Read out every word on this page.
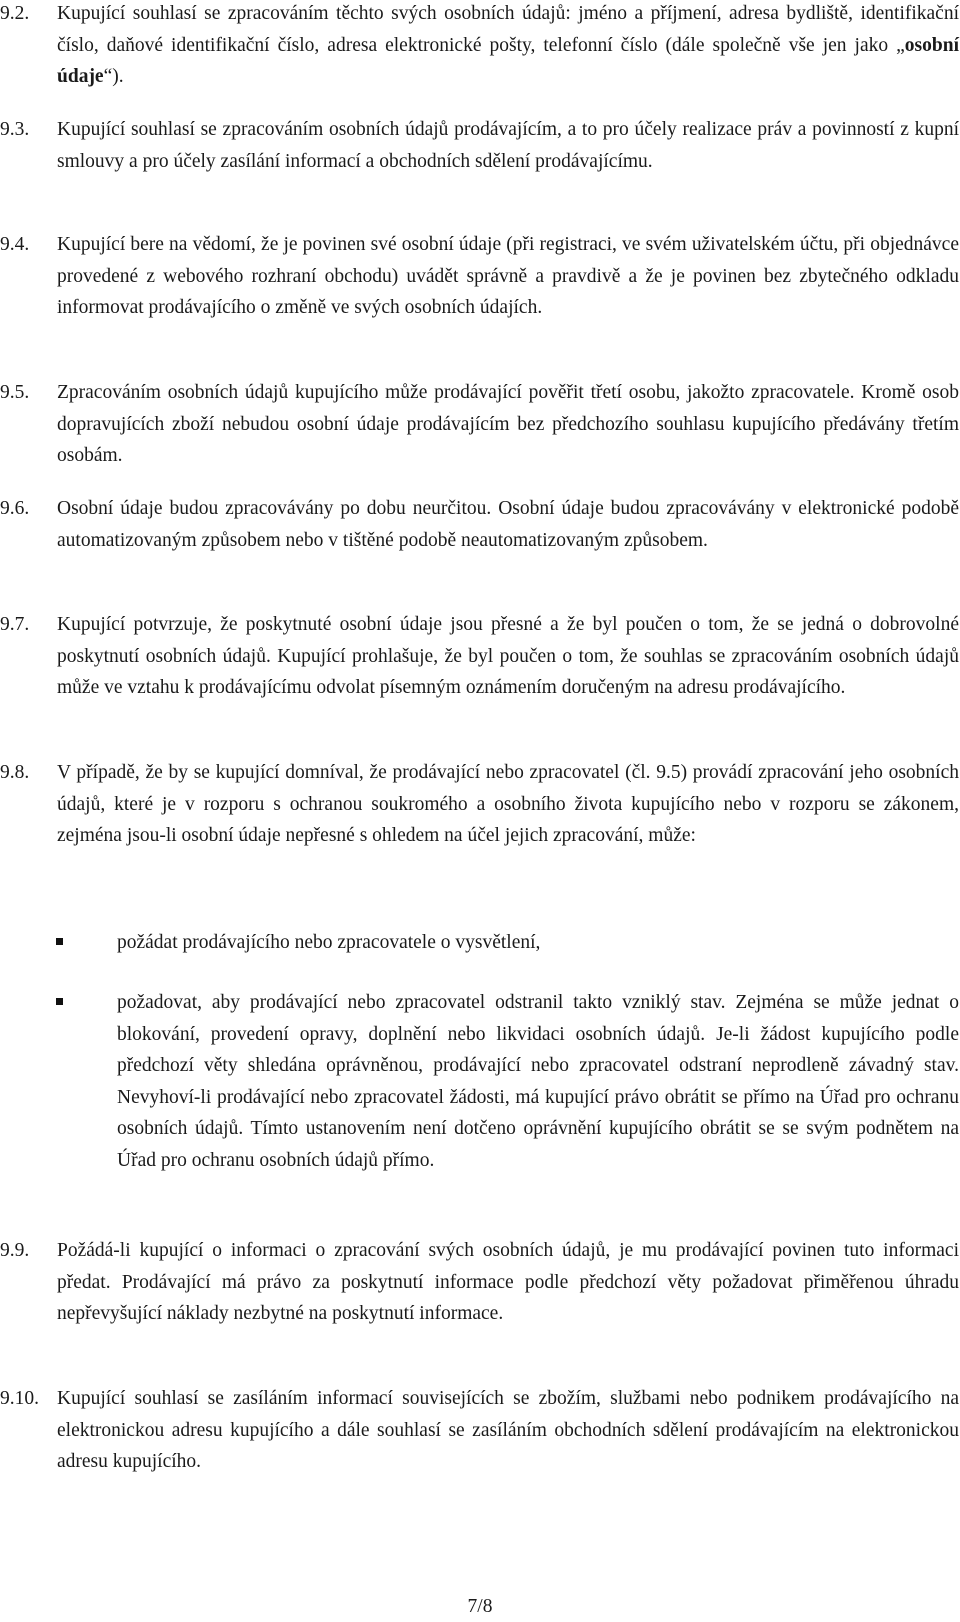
9.2.	Kupující souhlasí se zpracováním těchto svých osobních údajů: jméno a příjmení, adresa bydliště, identifikační číslo, daňové identifikační číslo, adresa elektronické pošty, telefonní číslo (dále společně vše jen jako „osobní údaje“).
9.3.	Kupující souhlasí se zpracováním osobních údajů prodávajícím, a to pro účely realizace práv a povinností z kupní smlouvy a pro účely zasílání informací a obchodních sdělení prodávajícímu.
9.4.	Kupující bere na vědomí, že je povinen své osobní údaje (při registraci, ve svém uživatelském účtu, při objednávce provedené z webového rozhraní obchodu) uvádět správně a pravdivě a že je povinen bez zbytečného odkladu informovat prodávajícího o změně ve svých osobních údajích.
9.5.	Zpracováním osobních údajů kupujícího může prodávající pověřit třetí osobu, jakožto zpracovatele. Kromě osob dopravujících zboží nebudou osobní údaje prodávajícím bez předchozího souhlasu kupujícího předávány třetím osobám.
9.6.	Osobní údaje budou zpracovávány po dobu neurčitou. Osobní údaje budou zpracovávány v elektronické podobě automatizovaným způsobem nebo v tištěné podobě neautomatizovaným způsobem.
9.7.	Kupující potvrzuje, že poskytnuté osobní údaje jsou přesné a že byl poučen o tom, že se jedná o dobrovolné poskytnutí osobních údajů. Kupující prohlašuje, že byl poučen o tom, že souhlas se zpracováním osobních údajů může ve vztahu k prodávajícímu odvolat písemným oznámením doručeným na adresu prodávajícího.
9.8.	V případě, že by se kupující domníval, že prodávající nebo zpracovatel (čl. 9.5) provádí zpracování jeho osobních údajů, které je v rozporu s ochranou soukromého a osobního života kupujícího nebo v rozporu se zákonem, zejména jsou-li osobní údaje nepřesné s ohledem na účel jejich zpracování, může:
požádat prodávajícího nebo zpracovatele o vysvětlení,
požadovat, aby prodávající nebo zpracovatel odstranil takto vzniklý stav. Zejména se může jednat o blokování, provedení opravy, doplnění nebo likvidaci osobních údajů. Je-li žádost kupujícího podle předchozí věty shledána oprávněnou, prodávající nebo zpracovatel odstraní neprodleně závadný stav. Nevyhoví-li prodávající nebo zpracovatel žádosti, má kupující právo obrátit se přímo na Úřad pro ochranu osobních údajů. Tímto ustanovením není dotčeno oprávnění kupujícího obrátit se se svým podnětem na Úřad pro ochranu osobních údajů přímo.
9.9.	Požádá-li kupující o informaci o zpracování svých osobních údajů, je mu prodávající povinen tuto informaci předat. Prodávající má právo za poskytnutí informace podle předchozí věty požadovat přiměřenou úhradu nepřevyšující náklady nezbytné na poskytnutí informace.
9.10. Kupující souhlasí se zasíláním informací souvisejících se zbožím, službami nebo podnikem prodávajícího na elektronickou adresu kupujícího a dále souhlasí se zasíláním obchodních sdělení prodávajícím na elektronickou adresu kupujícího.
7/8
